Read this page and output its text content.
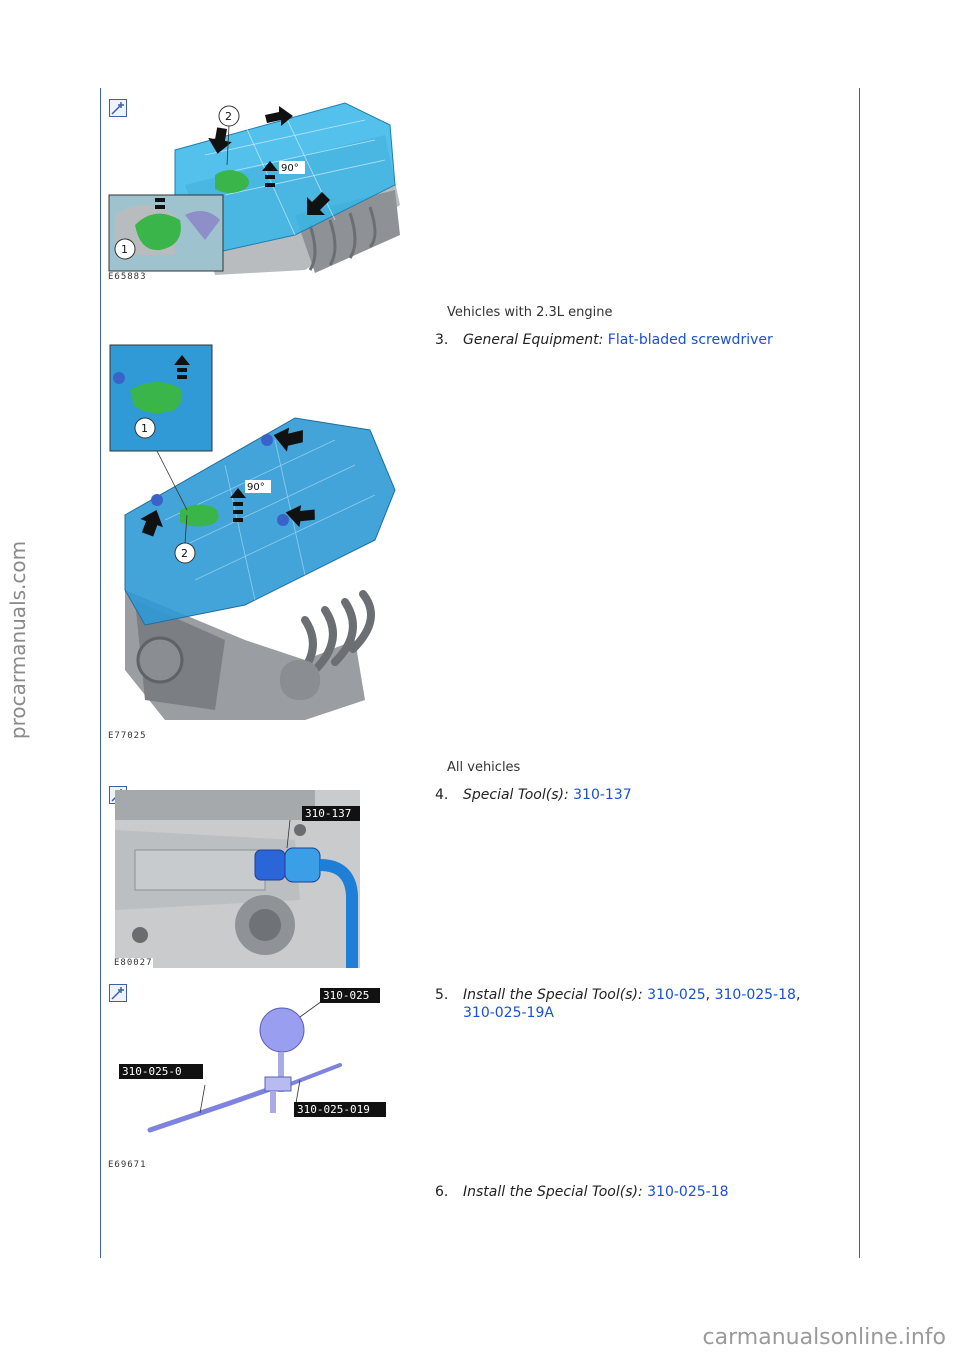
procarmanuals.com
90°
2
1
E65883
Vehicles with 2.3L engine
3. General Equipment: Flat-bladed screwdriver
90°
2
1
E77025
All vehicles
310-137
E80027
4. Special Tool(s): 310-137
310-025
310-025-0
310-025-019
E69671
5. Install the Special Tool(s): 310-025, 310-025-18,
310-025-19A
6. Install the Special Tool(s): 310-025-18
carmanualsonline.info
